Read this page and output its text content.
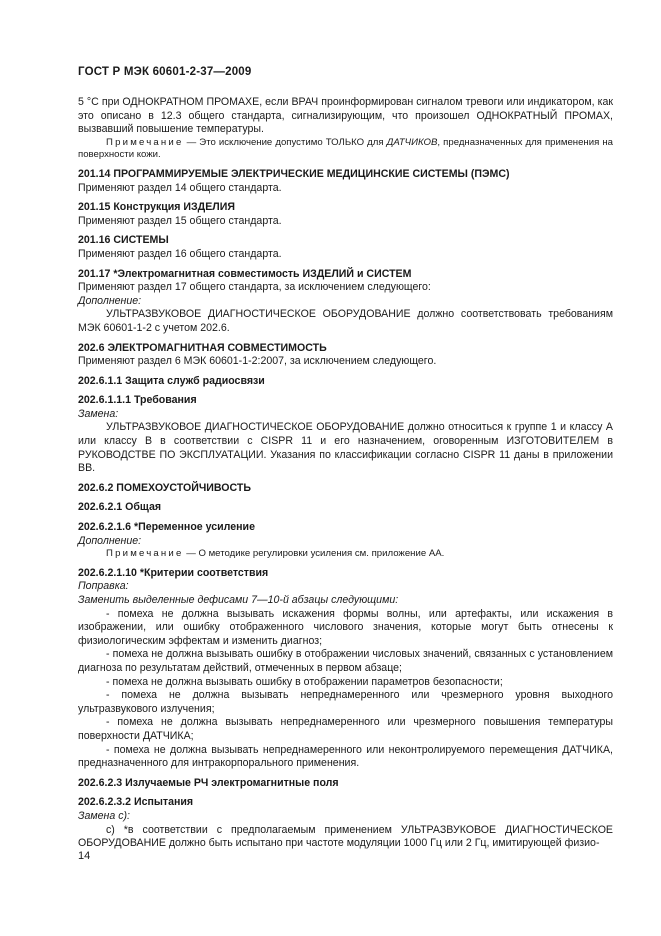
ГОСТ Р МЭК 60601-2-37—2009

5 °С при ОДНОКРАТНОМ ПРОМАХЕ, если ВРАЧ проинформирован сигналом тревоги или индикатором, как это описано в 12.3 общего стандарта, сигнализирующим, что произошел ОДНОКРАТНЫЙ ПРОМАХ, вызвавший повышение температуры.

Примечание — Это исключение допустимо ТОЛЬКО для ДАТЧИКОВ, предназначенных для применения на поверхности кожи.

201.14 ПРОГРАММИРУЕМЫЕ ЭЛЕКТРИЧЕСКИЕ МЕДИЦИНСКИЕ СИСТЕМЫ (ПЭМС)

Применяют раздел 14 общего стандарта.

201.15 Конструкция ИЗДЕЛИЯ

Применяют раздел 15 общего стандарта.

201.16 СИСТЕМЫ

Применяют раздел 16 общего стандарта.

201.17 *Электромагнитная совместимость ИЗДЕЛИЙ и СИСТЕМ

Применяют раздел 17 общего стандарта, за исключением следующего:

Дополнение:

УЛЬТРАЗВУКОВОЕ ДИАГНОСТИЧЕСКОЕ ОБОРУДОВАНИЕ должно соответствовать требованиям МЭК 60601-1-2 с учетом 202.6.

202.6 ЭЛЕКТРОМАГНИТНАЯ СОВМЕСТИМОСТЬ

Применяют раздел 6 МЭК 60601-1-2:2007, за исключением следующего.

202.6.1.1 Защита служб радиосвязи

202.6.1.1.1 Требования

Замена:

УЛЬТРАЗВУКОВОЕ ДИАГНОСТИЧЕСКОЕ ОБОРУДОВАНИЕ должно относиться к группе 1 и классу А или классу В в соответствии с CISPR 11 и его назначением, оговоренным ИЗГОТОВИТЕЛЕМ в РУКОВОДСТВЕ ПО ЭКСПЛУАТАЦИИ. Указания по классификации согласно CISPR 11 даны в приложении ВВ.

202.6.2 ПОМЕХОУСТОЙЧИВОСТЬ

202.6.2.1 Общая

202.6.2.1.6 *Переменное усиление

Дополнение:

Примечание — О методике регулировки усиления см. приложение АА.

202.6.2.1.10 *Критерии соответствия

Поправка:

Заменить выделенные дефисами 7—10-й абзацы следующими:

- помеха не должна вызывать искажения формы волны, или артефакты, или искажения в изображении, или ошибку отображенного числового значения, которые могут быть отнесены к физиологическим эффектам и изменить диагноз;

- помеха не должна вызывать ошибку в отображении числовых значений, связанных с установлением диагноза по результатам действий, отмеченных в первом абзаце;

- помеха не должна вызывать ошибку в отображении параметров безопасности;

- помеха не должна вызывать непреднамеренного или чрезмерного уровня выходного ультразвукового излучения;

- помеха не должна вызывать непреднамеренного или чрезмерного повышения температуры поверхности ДАТЧИКА;

- помеха не должна вызывать непреднамеренного или неконтролируемого перемещения ДАТЧИКА, предназначенного для интракорпорального применения.

202.6.2.3 Излучаемые РЧ электромагнитные поля

202.6.2.3.2 Испытания

Замена с):

с) *в соответствии с предполагаемым применением УЛЬТРАЗВУКОВОЕ ДИАГНОСТИЧЕСКОЕ ОБОРУДОВАНИЕ должно быть испытано при частоте модуляции 1000 Гц или 2 Гц, имитирующей физио-

14
